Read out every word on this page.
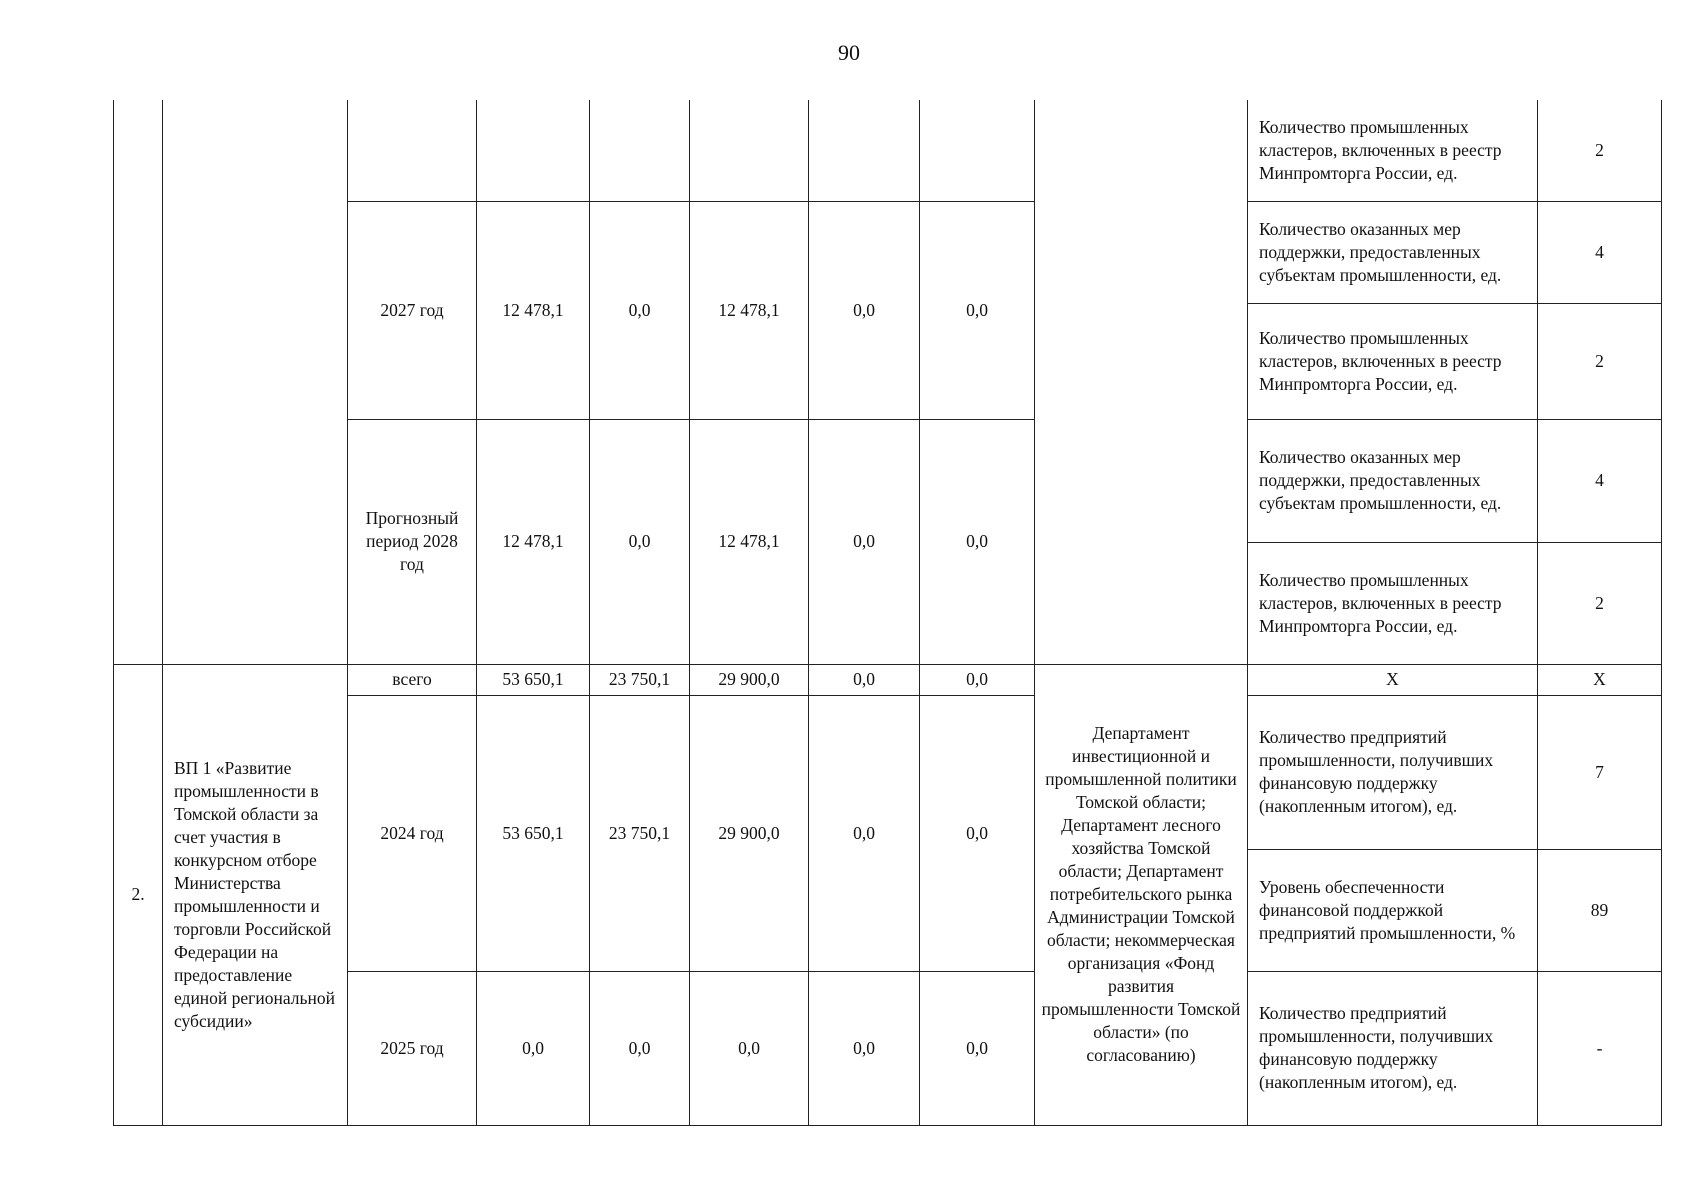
90
									Количество промышленных кластеров, включенных в реестр Минпромторга России, ед.	2
		2027 год	12 478,1	0,0	12 478,1	0,0	0,0		Количество оказанных мер поддержки, предоставленных субъектам промышленности, ед.	4
									Количество промышленных кластеров, включенных в реестр Минпромторга России, ед.	2
		Прогнозный период 2028 год	12 478,1	0,0	12 478,1	0,0	0,0		Количество оказанных мер поддержки, предоставленных субъектам промышленности, ед.	4
									Количество промышленных кластеров, включенных в реестр Минпромторга России, ед.	2
2.	ВП 1 «Развитие промышленности в Томской области за счет участия в конкурсном отборе Министерства промышленности и торговли Российской Федерации на предоставление единой региональной субсидии»	всего	53 650,1	23 750,1	29 900,0	0,0	0,0	Департамент инвестиционной и промышленной политики Томской области; Департамент лесного хозяйства Томской области; Департамент потребительского рынка Администрации Томской области; некоммерческая организация «Фонд развития промышленности Томской области» (по согласованию)	X	X
		2024 год	53 650,1	23 750,1	29 900,0	0,0	0,0		Количество предприятий промышленности, получивших финансовую поддержку (накопленным итогом), ед.	7
									Уровень обеспеченности финансовой поддержкой предприятий промышленности, %	89
		2025 год	0,0	0,0	0,0	0,0	0,0		Количество предприятий промышленности, получивших финансовую поддержку (накопленным итогом), ед.	-
